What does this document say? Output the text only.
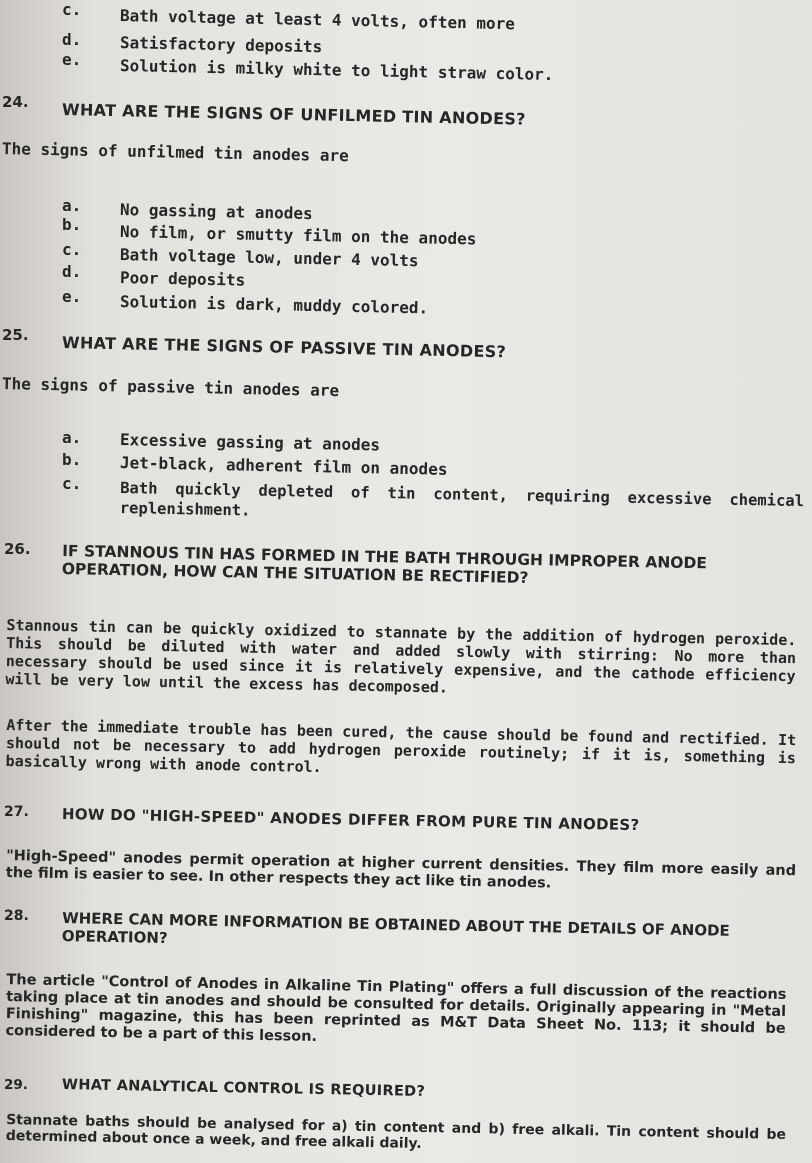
c. Bath voltage at least 4 volts, often more
d. Satisfactory deposits
e. Solution is milky white to light straw color.
24. WHAT ARE THE SIGNS OF UNFILMED TIN ANODES?
The signs of unfilmed tin anodes are
a. No gassing at anodes
b. No film, or smutty film on the anodes
c. Bath voltage low, under 4 volts
d. Poor deposits
e. Solution is dark, muddy colored.
25. WHAT ARE THE SIGNS OF PASSIVE TIN ANODES?
The signs of passive tin anodes are
a. Excessive gassing at anodes
b. Jet-black, adherent film on anodes
c.	Bath quickly depleted of tin content, requiring excessive chemical replenishment.
26. IF STANNOUS TIN HAS FORMED IN THE BATH THROUGH IMPROPER ANODE OPERATION, HOW CAN THE SITUATION BE RECTIFIED?

Stannous tin can be quickly oxidized to stannate by the addition of hydrogen peroxide. This should be diluted with water and added slowly with stirring: No more than necessary should be used since it is relatively expensive, and the cathode efficiency will be very low until the excess has decomposed.

After the immediate trouble has been cured, the cause should be found and rectified. It should not be necessary to add hydrogen peroxide routinely; if it is, something is basically wrong with anode control.

27. HOW DO "HIGH-SPEED" ANODES DIFFER FROM PURE TIN ANODES?

"High-Speed" anodes permit operation at higher current densities. They film more easily and the film is easier to see. In other respects they act like tin anodes.

28. WHERE CAN MORE INFORMATION BE OBTAINED ABOUT THE DETAILS OF ANODE OPERATION?

The article "Control of Anodes in Alkaline Tin Plating" offers a full discussion of the reactions taking place at tin anodes and should be consulted for details. Originally appearing in "Metal Finishing" magazine, this has been reprinted as M&T Data Sheet No. 113; it should be considered to be a part of this lesson.

29. WHAT ANALYTICAL CONTROL IS REQUIRED?

Stannate baths should be analysed for a) tin content and b) free alkali. Tin content should be determined about once a week, and free alkali daily.
